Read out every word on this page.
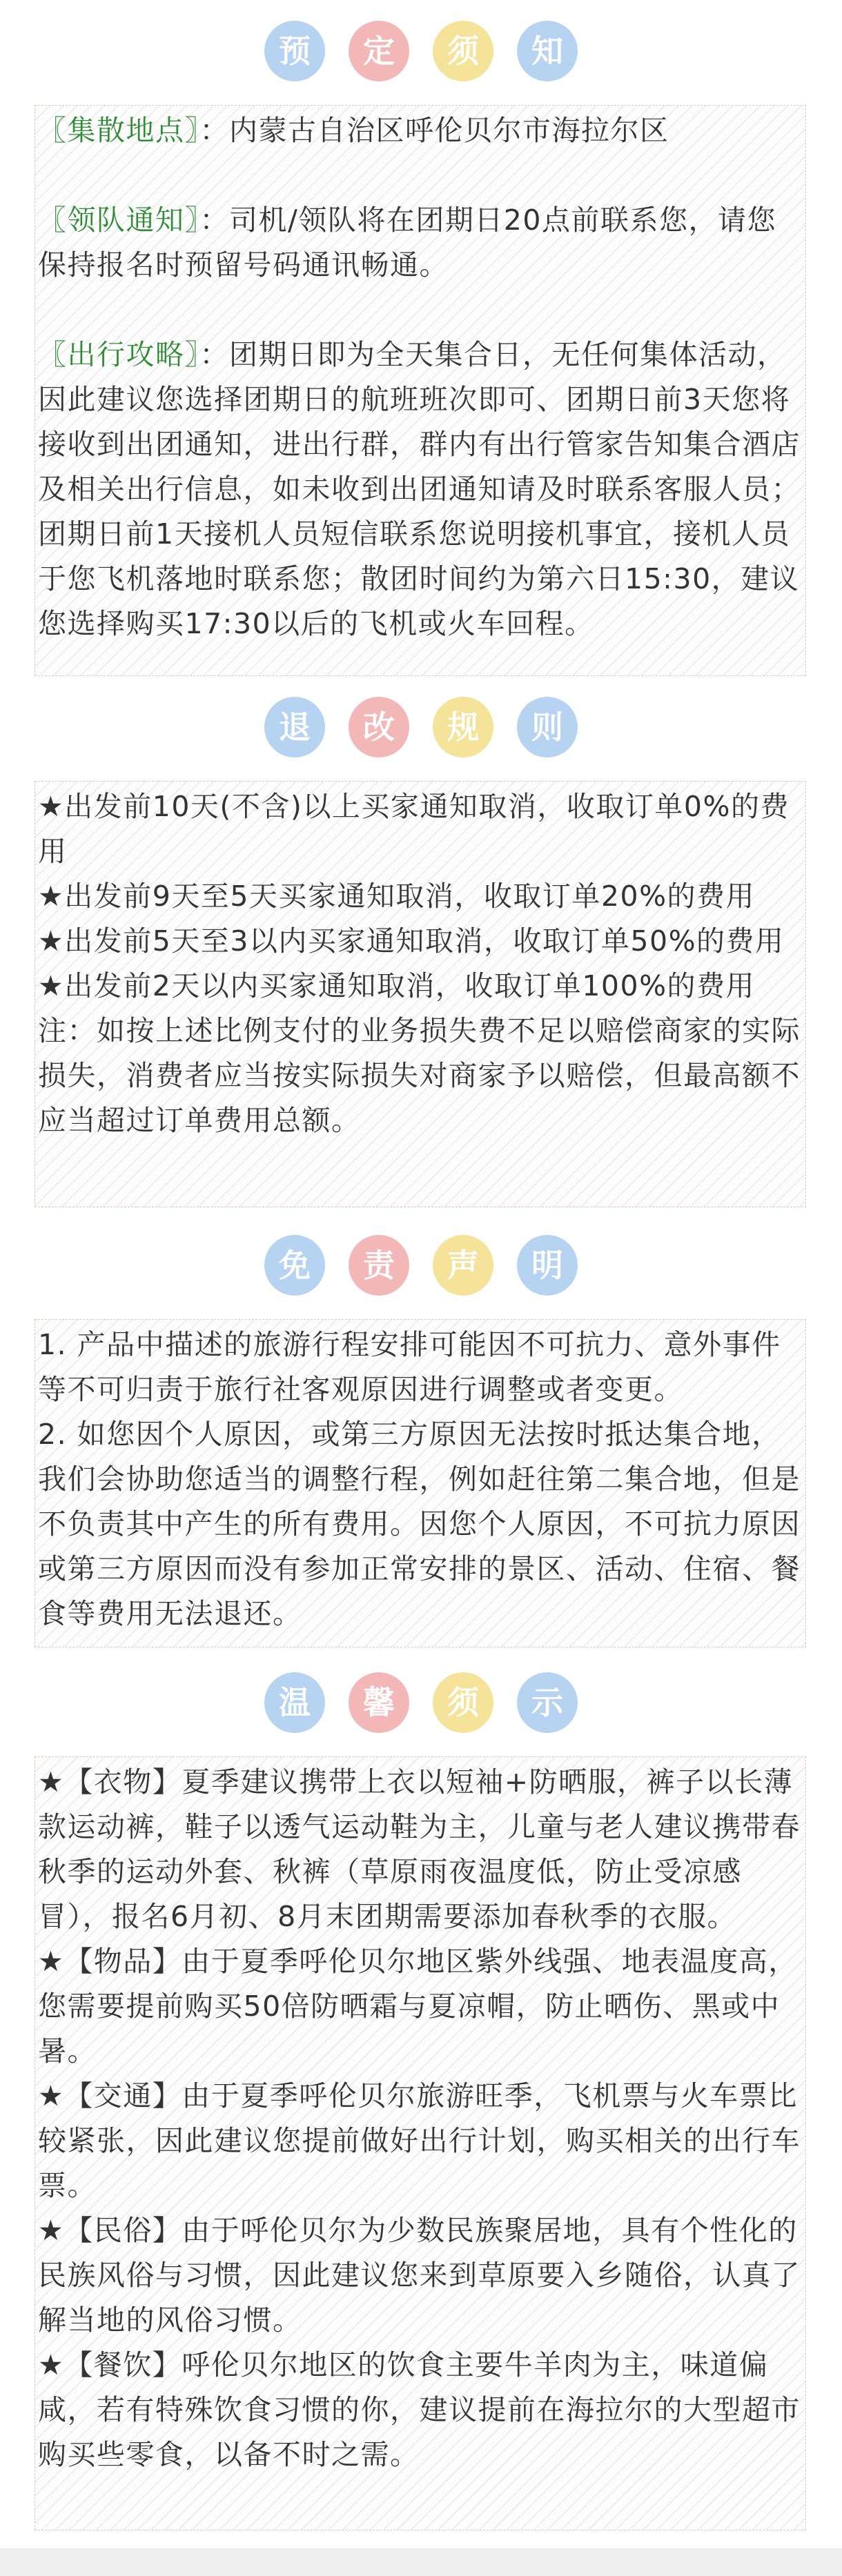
预	定	须	知

〖集散地点〗：内蒙古自治区呼伦贝尔市海拉尔区

〖领队通知〗：司机/领队将在团期日20点前联系您，请您保持报名时预留号码通讯畅通。

〖出行攻略〗：团期日即为全天集合日，无任何集体活动，因此建议您选择团期日的航班班次即可、团期日前3天您将接收到出团通知，进出行群，群内有出行管家告知集合酒店及相关出行信息，如未收到出团通知请及时联系客服人员；团期日前1天接机人员短信联系您说明接机事宜，接机人员于您飞机落地时联系您；散团时间约为第六日15:30，建议您选择购买17:30以后的飞机或火车回程。

退	改	规	则

★出发前10天(不含)以上买家通知取消，收取订单0%的费用

★出发前9天至5天买家通知取消，收取订单20%的费用

★出发前5天至3以内买家通知取消，收取订单50%的费用

★出发前2天以内买家通知取消，收取订单100%的费用

注：如按上述比例支付的业务损失费不足以赔偿商家的实际损失，消费者应当按实际损失对商家予以赔偿，但最高额不应当超过订单费用总额。

免	责	声	明

1. 产品中描述的旅游行程安排可能因不可抗力、意外事件等不可归责于旅行社客观原因进行调整或者变更。

2. 如您因个人原因，或第三方原因无法按时抵达集合地，我们会协助您适当的调整行程，例如赶往第二集合地，但是不负责其中产生的所有费用。因您个人原因，不可抗力原因或第三方原因而没有参加正常安排的景区、活动、住宿、餐食等费用无法退还。

温	馨	须	示

★【衣物】夏季建议携带上衣以短袖+防晒服，裤子以长薄款运动裤，鞋子以透气运动鞋为主，儿童与老人建议携带春秋季的运动外套、秋裤（草原雨夜温度低，防止受凉感冒），报名6月初、8月末团期需要添加春秋季的衣服。

★【物品】由于夏季呼伦贝尔地区紫外线强、地表温度高，您需要提前购买50倍防晒霜与夏凉帽，防止晒伤、黑或中暑。

★【交通】由于夏季呼伦贝尔旅游旺季，飞机票与火车票比较紧张，因此建议您提前做好出行计划，购买相关的出行车票。

★【民俗】由于呼伦贝尔为少数民族聚居地，具有个性化的民族风俗与习惯，因此建议您来到草原要入乡随俗，认真了解当地的风俗习惯。

★【餐饮】呼伦贝尔地区的饮食主要牛羊肉为主，味道偏咸，若有特殊饮食习惯的你，建议提前在海拉尔的大型超市购买些零食，以备不时之需。
